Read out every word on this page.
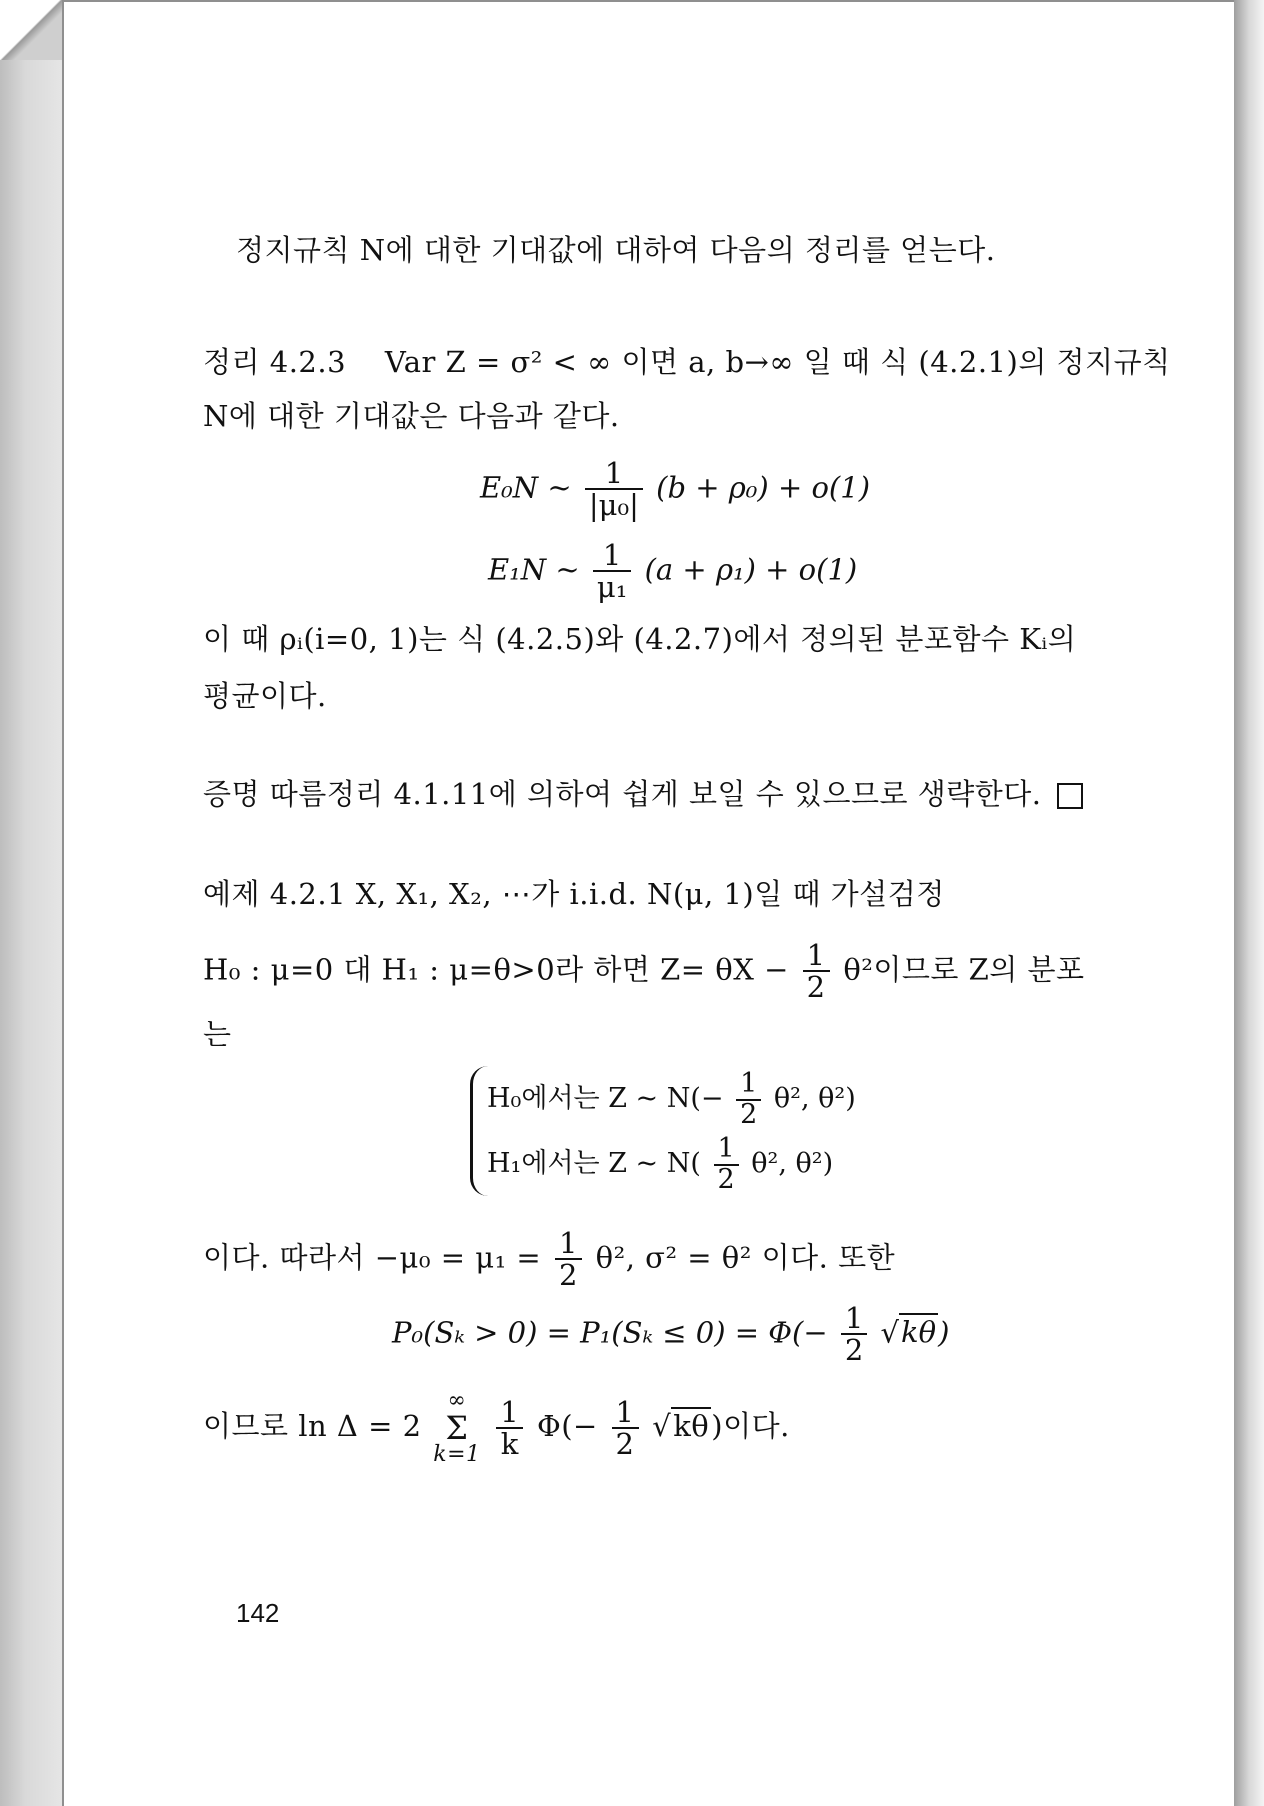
정지규칙 N에 대한 기대값에 대하여 다음의 정리를 얻는다.
정리 4.2.3 Var Z = σ² < ∞ 이면 a, b→∞ 일 때 식 (4.2.1)의 정지규칙
N에 대한 기대값은 다음과 같다.
E₀N ~ $\frac{1}{\text{|μ₀|}} (b + \rho_0) + o(1)$
E₁N ~ $\frac{1}{\text{μ₁}} (a + \rho_1) + o(1)$
이 때 ρᵢ(i=0, 1)는 식 (4.2.5)와 (4.2.7)에서 정의된 분포함수 Kᵢ의
평균이다.
증명 따름정리 4.1.11에 의하여 쉽게 보일 수 있으므로 생략한다.
예제 4.2.1 X, X₁, X₂, ⋯가 i.i.d. N(μ, 1)일 때 가설검정
H₀ : μ=0 대 H₁ : μ=θ>0라 하면 $Z= \theta X - \frac{1}{2} \theta^2$이므로 Z의 분포
는
H₀에서는 Z ~ $N(- \frac{1}{2} \theta^2$, θ²)
H₁에서는 Z ~ $N( \frac{1}{2} \theta^2$, θ²)
이다. 따라서 $-\mu_0 = \mu_1 = \frac{1}{2} \theta^2$, σ² = θ² 이다. 또한
$P_0(S_k > 0) = P_1(S_k \le 0) = \Phi(- \frac{1}{2} √k\theta)$
이므로 ln Δ = 2
∞
Σ
k=1
$\frac{1}{k} \Phi(- \frac{1}{2} √k\theta)$이다.
142
